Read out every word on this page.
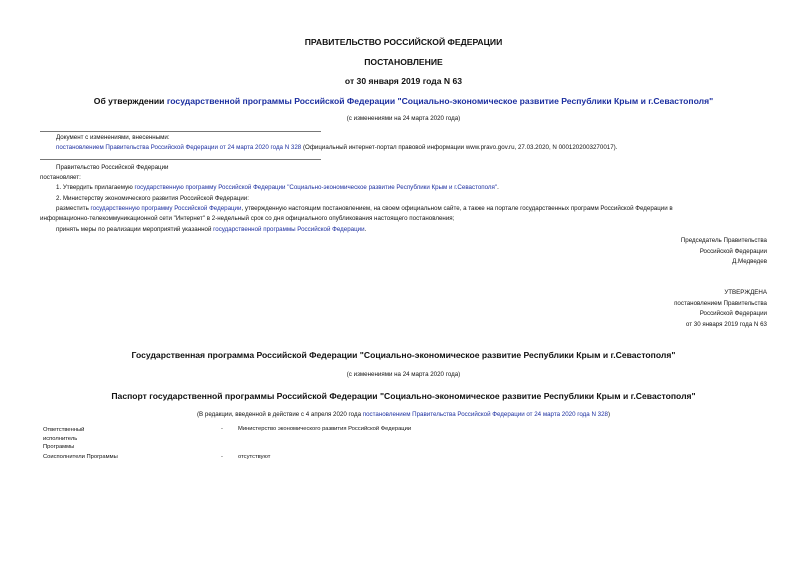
ПРАВИТЕЛЬСТВО РОССИЙСКОЙ ФЕДЕРАЦИИ
ПОСТАНОВЛЕНИЕ
от 30 января 2019 года N 63
Об утверждении государственной программы Российской Федерации "Социально-экономическое развитие Республики Крым и г.Севастополя"
(с изменениями на 24 марта 2020 года)
Документ с изменениями, внесенными:
постановлением Правительства Российской Федерации от 24 марта 2020 года N 328 (Официальный интернет-портал правовой информации www.pravo.gov.ru, 27.03.2020, N 0001202003270017).
Правительство Российской Федерации
постановляет:
1. Утвердить прилагаемую государственную программу Российской Федерации "Социально-экономическое развитие Республики Крым и г.Севастополя".
2. Министерству экономического развития Российской Федерации:
разместить государственную программу Российской Федерации, утвержденную настоящим постановлением, на своем официальном сайте, а также на портале государственных программ Российской Федерации в
информационно-телекоммуникационной сети "Интернет" в 2-недельный срок со дня официального опубликования настоящего постановления;
принять меры по реализации мероприятий указанной государственной программы Российской Федерации.
Председатель Правительства
Российской Федерации
Д.Медведев
УТВЕРЖДЕНА
постановлением Правительства
Российской Федерации
от 30 января 2019 года N 63
Государственная программа Российской Федерации "Социально-экономическое развитие Республики Крым и г.Севастополя"
(с изменениями на 24 марта 2020 года)
Паспорт государственной программы Российской Федерации "Социально-экономическое развитие Республики Крым и г.Севастополя"
(В редакции, введенной в действие с 4 апреля 2020 года постановлением Правительства Российской Федерации от 24 марта 2020 года N 328)
Ответственный
исполнитель
Программы
-	Министерство экономического развития Российской Федерации
Соисполнители Программы	-	отсутствуют
